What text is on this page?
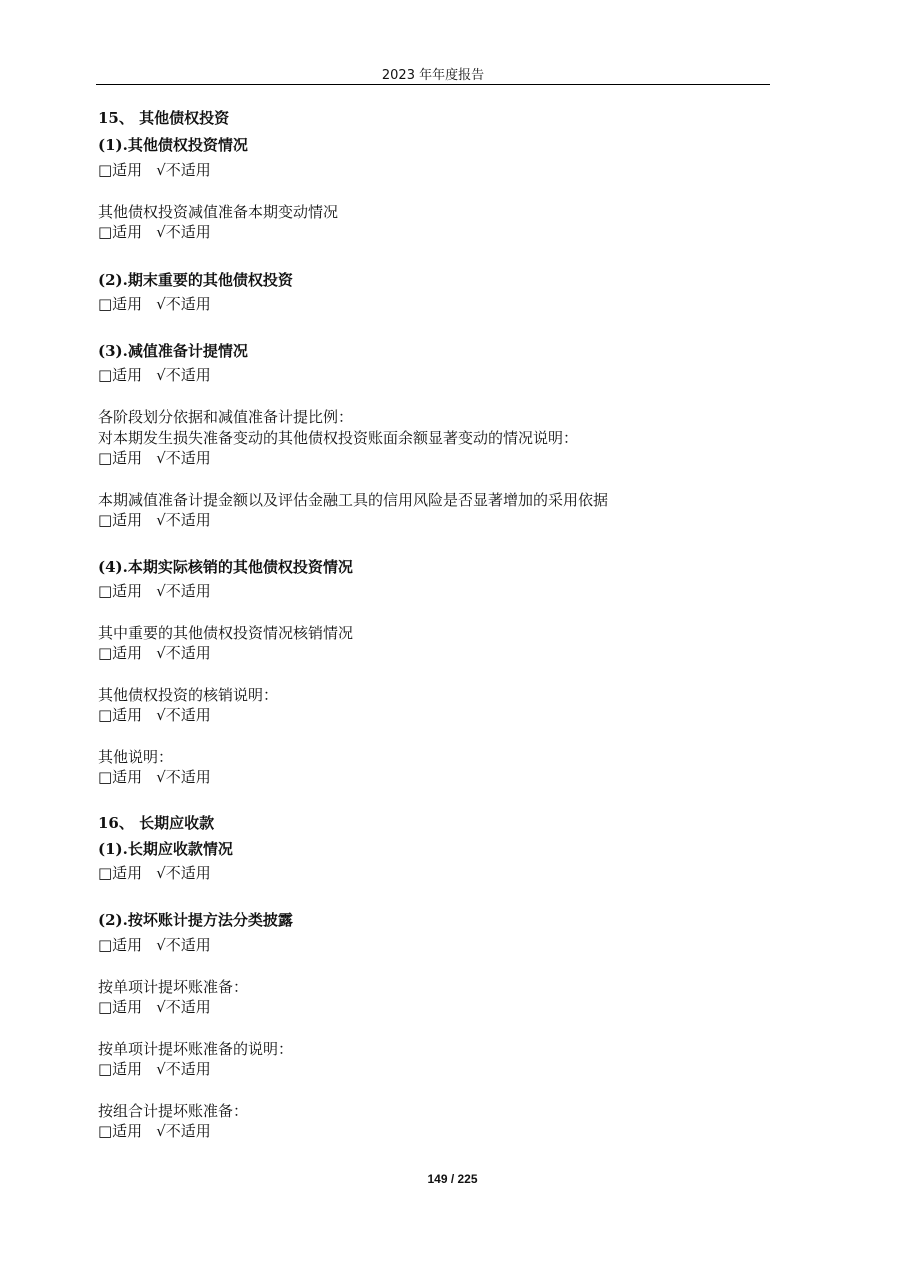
2023 年年度报告
15、 其他债权投资
(1).其他债权投资情况
□适用 √不适用
其他债权投资减值准备本期变动情况
□适用 √不适用
(2).期末重要的其他债权投资
□适用 √不适用
(3).减值准备计提情况
□适用 √不适用
各阶段划分依据和减值准备计提比例：
对本期发生损失准备变动的其他债权投资账面余额显著变动的情况说明：
□适用 √不适用
本期减值准备计提金额以及评估金融工具的信用风险是否显著增加的采用依据
□适用 √不适用
(4).本期实际核销的其他债权投资情况
□适用 √不适用
其中重要的其他债权投资情况核销情况
□适用 √不适用
其他债权投资的核销说明：
□适用 √不适用
其他说明：
□适用 √不适用
16、 长期应收款
(1).长期应收款情况
□适用 √不适用
(2).按坏账计提方法分类披露
□适用 √不适用
按单项计提坏账准备：
□适用 √不适用
按单项计提坏账准备的说明：
□适用 √不适用
按组合计提坏账准备：
□适用 √不适用
149 / 225
